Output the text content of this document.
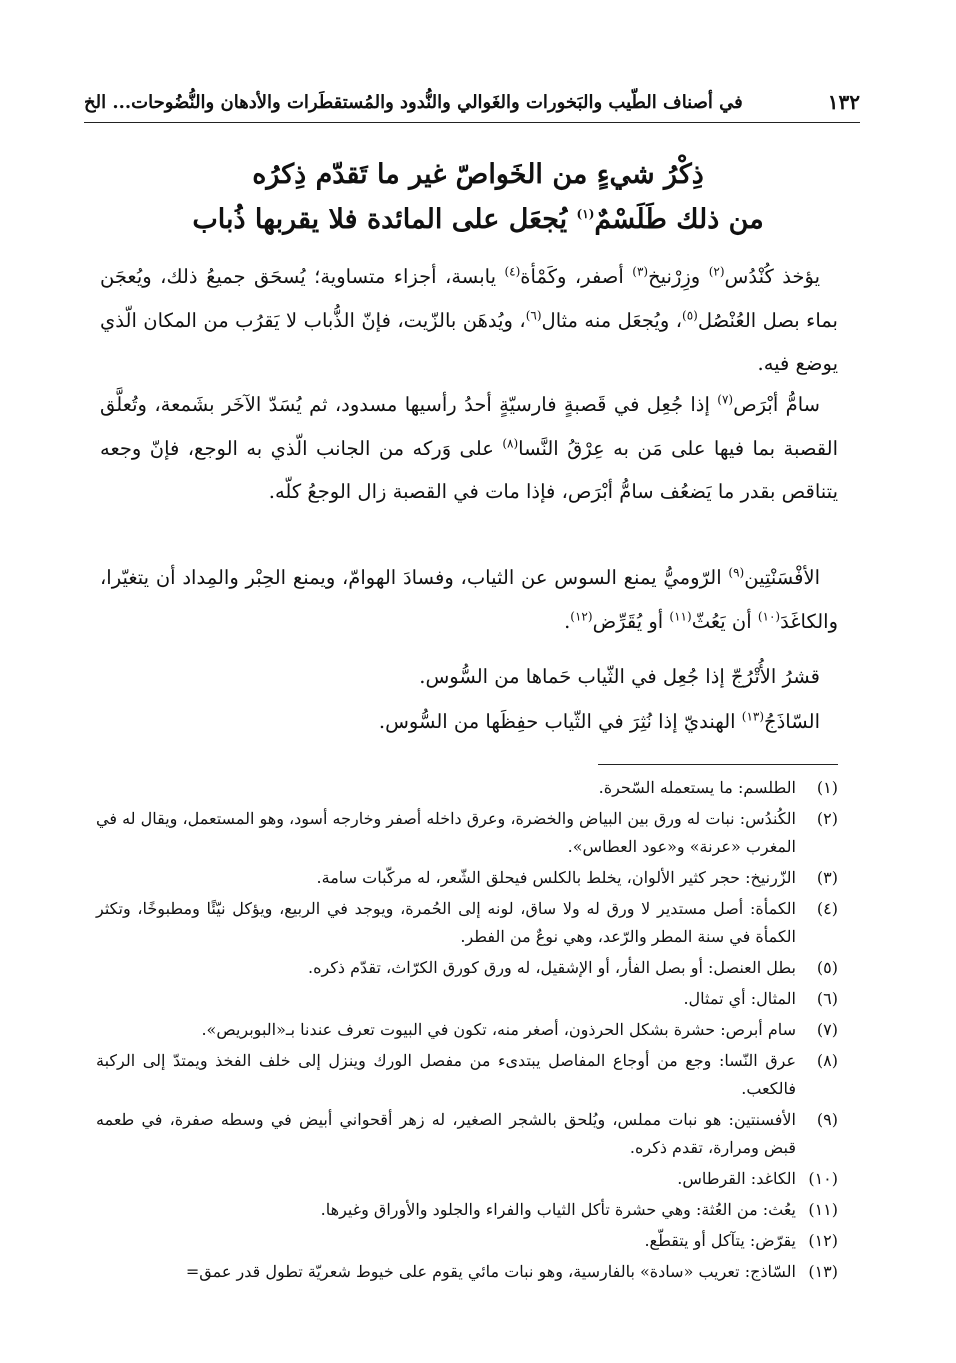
١٣٢
في أصناف الطّيب والبَخورات والغَوالي والنُّدود والمُستقطَرات والأدهان والنُّضُوحات... الخ
ذِكْرُ شيءٍ من الخَواصّ غير ما تَقدّم ذِكرُه
من ذلك طَلَسْمٌ$^{(١)}$ يُجعَل على المائدة فلا يقربها ذُباب

يؤخذ كُنْدُس$^{(٢)}$ وزِرْنيخ$^{(٣)}$ أصفر، وكَمْأة$^{(٤)}$ يابسة، أجزاء متساوية؛ يُسحَق جميعُ ذلك، ويُعجَن بماء بصل العُنْصُل$^{(٥)}$، ويُجعَل منه مثال$^{(٦)}$، ويُدهَن بالزّيت، فإنّ الذُّباب لا يَقرُب من المكان الّذي يوضع فيه.

سامُّ أبْرَص$^{(٧)}$ إذا جُعِل في قَصبةٍ فارسيّةٍ أحدُ رأسيها مسدود، ثم يُسَدّ الآخَر بشَمعة، وتُعلَّق القصبة بما فيها على مَن به عِرْقُ النَّسا$^{(٨)}$ على وَركه من الجانب الّذي به الوجع، فإنّ وجعه يتناقص بقدر ما يَضعُف سامُّ أبْرَص، فإذا مات في القصبة زال الوجعُ كلّه.

الأفْسَنْتِين$^{(٩)}$ الرّوميُّ يمنع السوس عن الثياب، وفسادَ الهوامّ، ويمنع الحِبْر والمِداد أن يتغيّرا، والكاغَدَ$^{(١٠)}$ أن يَعُثّ$^{(١١)}$ أو يُقَرِّض$^{(١٢)}$.

قشرُ الأُتْرُجّ إذا جُعِل في الثّياب حَماها من السُّوس.

السّاذَجُ$^{(١٣)}$ الهنديّ إذا نُثِرَ في الثّياب حفِظَها من السُّوس.

(١)
الطلسم: ما يستعمله السّحرة.
(٢)
الكُندُس: نبات له ورق بين البياض والخضرة، وعرق داخله أصفر وخارجه أسود، وهو المستعمل، ويقال له في المغرب «عرنة» و«عود العطاس».
(٣)
الزّرنيخ: حجر كثير الألوان، يخلط بالكلس فيحلق الشّعر، له مركّبات سامة.
(٤)
الكمأة: أصل مستدير لا ورق له ولا ساق، لونه إلى الحُمرة، ويوجد في الربيع، ويؤكل نيّئًا ومطبوخًا، وتكثر الكمأة في سنة المطر والرّعد، وهي نوعٌ من الفطر.
(٥)
بطل العنصل: أو بصل الفأر، أو الإشقيل، له ورق كورق الكرّاث، تقدّم ذكره.
(٦)
المثال: أي تمثال.
(٧)
سام أبرص: حشرة بشكل الحرذون، أصغر منه، تكون في البيوت تعرف عندنا بـ«البوبريص».
(٨)
عرق النّسا: وجع من أوجاع المفاصل يبتدىء من مفصل الورك وينزل إلى خلف الفخذ ويمتدّ إلى الركبة فالكعب.
(٩)
الأفسنتين: هو نبات مملس، ويُلحق بالشجر الصغير، له زهر أقحواني أبيض في وسطه صفرة، في طعمه قبض ومرارة، تقدم ذكره.
(١٠)
الكاغد: القرطاس.
(١١)
يعُث: من العُثة: وهي حشرة تأكل الثياب والفراء والجلود والأوراق وغيرها.
(١٢)
يقرّض: يتآكل أو يتقطّع.
(١٣)
السّاذج: تعريب «سادة» بالفارسية، وهو نبات مائي يقوم على خيوط شعريّة تطول قدر عمق=
